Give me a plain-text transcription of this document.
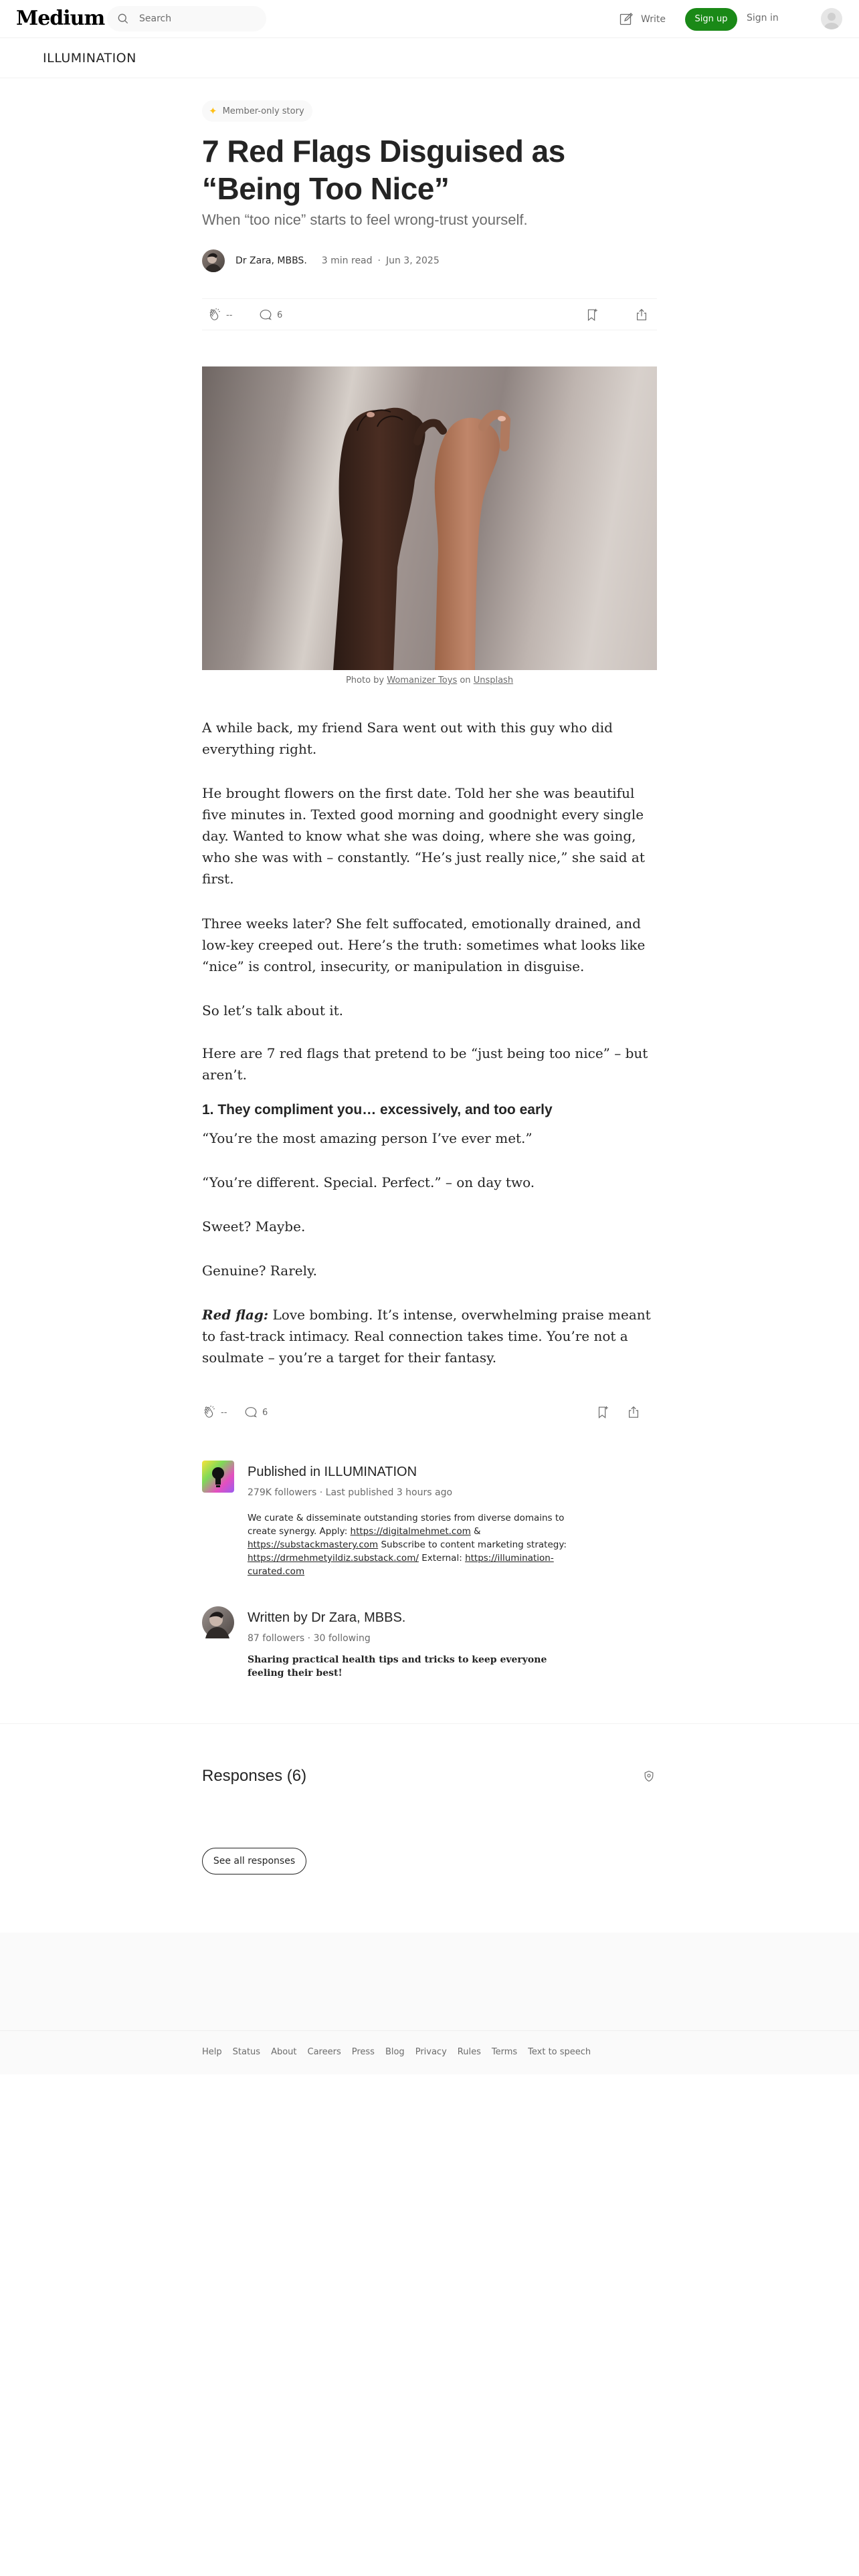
Medium	Search	Write	Sign up	Sign in
ILLUMINATION
✦ Member-only story
7 Red Flags Disguised as “Being Too Nice”
When “too nice” starts to feel wrong-trust yourself.
Dr Zara, MBBS. 3 min read · Jun 3, 2025
--	6
Photo by Womanizer Toys on Unsplash

A while back, my friend Sara went out with this guy who did everything right.

He brought flowers on the first date. Told her she was beautiful five minutes in. Texted good morning and goodnight every single day. Wanted to know what she was doing, where she was going, who she was with – constantly. “He’s just really nice,” she said at first.

Three weeks later? She felt suffocated, emotionally drained, and low-key creeped out. Here’s the truth: sometimes what looks like “nice” is control, insecurity, or manipulation in disguise.

So let’s talk about it.

Here are 7 red flags that pretend to be “just being too nice” – but aren’t.

1. They compliment you… excessively, and too early

“You’re the most amazing person I’ve ever met.”

“You’re different. Special. Perfect.” – on day two.

Sweet? Maybe.

Genuine? Rarely.

Red flag: Love bombing. It’s intense, overwhelming praise meant to fast-track intimacy. Real connection takes time. You’re not a soulmate – you’re a target for their fantasy.

--	6
Published in ILLUMINATION
279K followers · Last published 3 hours ago
We curate & disseminate outstanding stories from diverse domains to create synergy. Apply: https://digitalmehmet.com & https://substackmastery.com Subscribe to content marketing strategy: https://drmehmetyildiz.substack.com/ External: https://illumination-curated.com
Written by Dr Zara, MBBS.
87 followers · 30 following
Sharing practical health tips and tricks to keep everyone feeling their best!
Responses (6)
See all responses
Help Status About Careers Press Blog Privacy Rules Terms Text to speech
